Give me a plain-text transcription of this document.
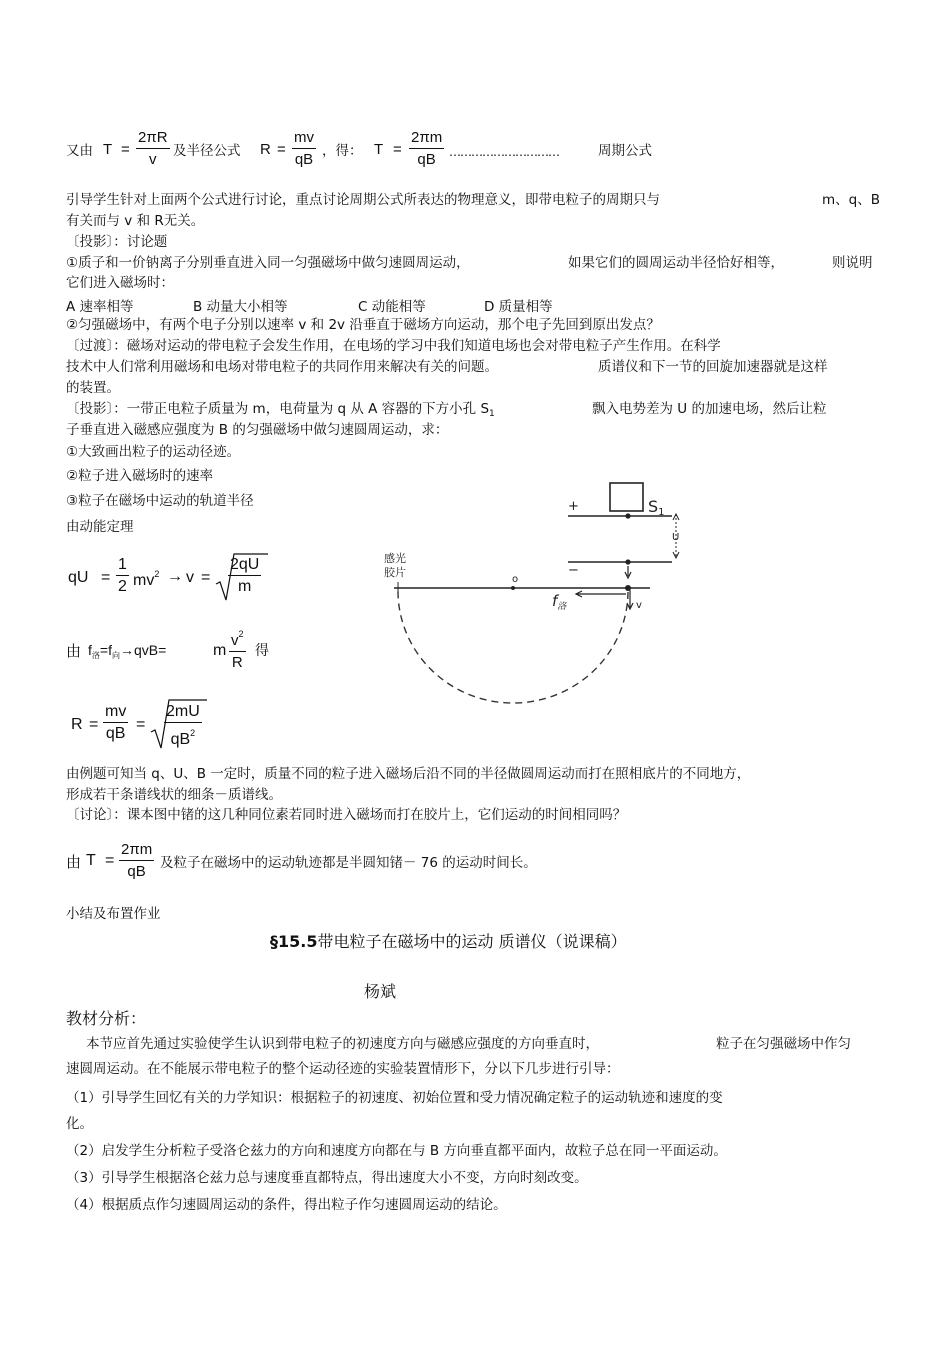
又由 $T = \frac{2\pi R}{v}$ 及半径公式 $R = \frac{mv}{qB}$ ，得： $T = \frac{2\pi m}{qB}$ …………………………	周期公式
引导学生针对上面两个公式进行讨论，重点讨论周期公式所表达的物理意义，即带电粒子的周期只与	m、q、B
有关而与 v 和 R无关。
〔投影〕：讨论题
①质子和一价钠离子分别垂直进入同一匀强磁场中做匀速圆周运动，	如果它们的圆周运动半径恰好相等，	则说明
它们进入磁场时：
A 速率相等	B 动量大小相等	C 动能相等	D 质量相等
②匀强磁场中，有两个电子分别以速率 v 和 2v 沿垂直于磁场方向运动，那个电子先回到原出发点？
〔过渡〕：磁场对运动的带电粒子会发生作用，在电场的学习中我们知道电场也会对带电粒子产生作用。在科学
技术中人们常利用磁场和电场对带电粒子的共同作用来解决有关的问题。	质谱仪和下一节的回旋加速器就是这样
的装置。
〔投影〕：一带正电粒子质量为 m，电荷量为 q 从 A 容器的下方小孔 $S_1$	飘入电势差为 U 的加速电场，然后让粒
子垂直进入磁感应强度为 B 的匀强磁场中做匀速圆周运动，求：
①大致画出粒子的运动径迹。
②粒子进入磁场时的速率
③粒子在磁场中运动的轨道半径
由动能定理
qU = $\frac{1}{2} mv^2 \to v = \frac{2qU}{m}$
由 $f_洛=f_向\to qvB=$	m $\frac{v^2}{R}$ 得
$R = \frac{mv}{qB} = \frac{2mU}{qB^2}$
S1
+
U
−
感光
胶片
o
$f_洛$	v
由例题可知当 q、U、B 一定时，质量不同的粒子进入磁场后沿不同的半径做圆周运动而打在照相底片的不同地方，
形成若干条谱线状的细条－质谱线。
〔讨论〕：课本图中锗的这几种同位素若同时进入磁场而打在胶片上，它们运动的时间相同吗？
由 $T = \frac{2\pi m}{qB}$ 及粒子在磁场中的运动轨迹都是半圆知锗－ 76 的运动时间长。
小结及布置作业
§15.5带电粒子在磁场中的运动 质谱仪（说课稿）
杨斌
教材分析：
本节应首先通过实验使学生认识到带电粒子的初速度方向与磁感应强度的方向垂直时，	粒子在匀强磁场中作匀
速圆周运动。在不能展示带电粒子的整个运动径迹的实验装置情形下，分以下几步进行引导：
（1）引导学生回忆有关的力学知识：根据粒子的初速度、初始位置和受力情况确定粒子的运动轨迹和速度的变
化。
（2）启发学生分析粒子受洛仑兹力的方向和速度方向都在与 B 方向垂直都平面内，故粒子总在同一平面运动。
（3）引导学生根据洛仑兹力总与速度垂直都特点，得出速度大小不变，方向时刻改变。
（4）根据质点作匀速圆周运动的条件，得出粒子作匀速圆周运动的结论。
